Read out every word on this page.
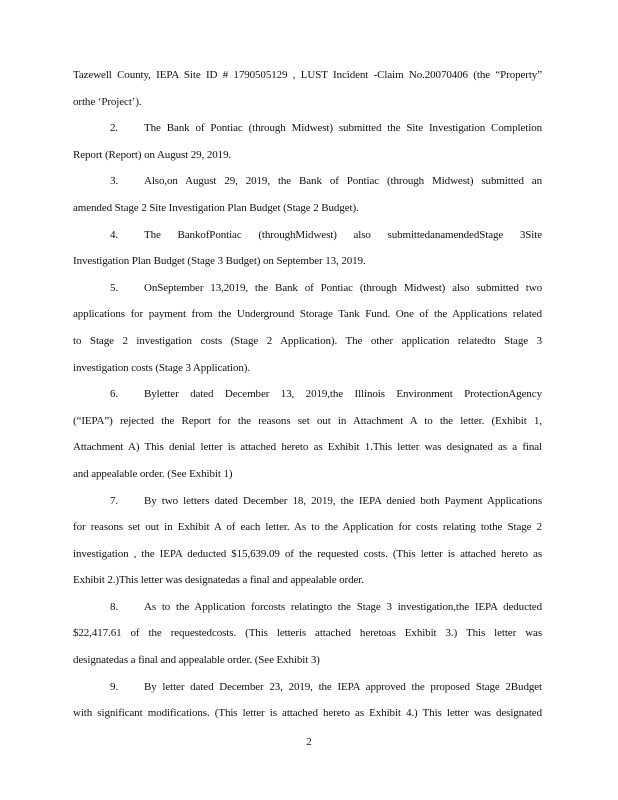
Tazewell County, IEPA Site ID # 1790505129 , LUST Incident -Claim No.20070406 (the “Property”
orthe ‘Project’).
2. The Bank of Pontiac (through Midwest) submitted the Site Investigation Completion
Report (Report) on August 29, 2019.
3. Also,on August 29, 2019, the Bank of Pontiac (through Midwest) submitted an
amended Stage 2 Site Investigation Plan Budget (Stage 2 Budget).
4. The BankofPontiac (throughMidwest) also submittedanamendedStage 3Site
Investigation Plan Budget (Stage 3 Budget) on September 13, 2019.
5. OnSeptember 13,2019, the Bank of Pontiac (through Midwest) also submitted two
applications for payment from the Underground Storage Tank Fund. One of the Applications related
to Stage 2 investigation costs (Stage 2 Application). The other application relatedto Stage 3
investigation costs (Stage 3 Application).
6. Byletter dated December 13, 2019,the Illinois Environment ProtectionAgency
(“IEPA”) rejected the Report for the reasons set out in Attachment A to the letter. (Exhibit 1,
Attachment A) This denial letter is attached hereto as Exhibit 1.This letter was designated as a final
and appealable order. (See Exhibit 1)
7. By two letters dated December 18, 2019, the IEPA denied both Payment Applications
for reasons set out in Exhibit A of each letter. As to the Application for costs relating tothe Stage 2
investigation , the IEPA deducted $15,639.09 of the requested costs. (This letter is attached hereto as
Exhibit 2.)This letter was designatedas a final and appealable order.
8. As to the Application forcosts relatingto the Stage 3 investigation,the IEPA deducted
$22,417.61 of the requestedcosts. (This letteris attached heretoas Exhibit 3.) This letter was
designatedas a final and appealable order. (See Exhibit 3)
9. By letter dated December 23, 2019, the IEPA approved the proposed Stage 2Budget
with significant modifications. (This letter is attached hereto as Exhibit 4.) This letter was designated
2
